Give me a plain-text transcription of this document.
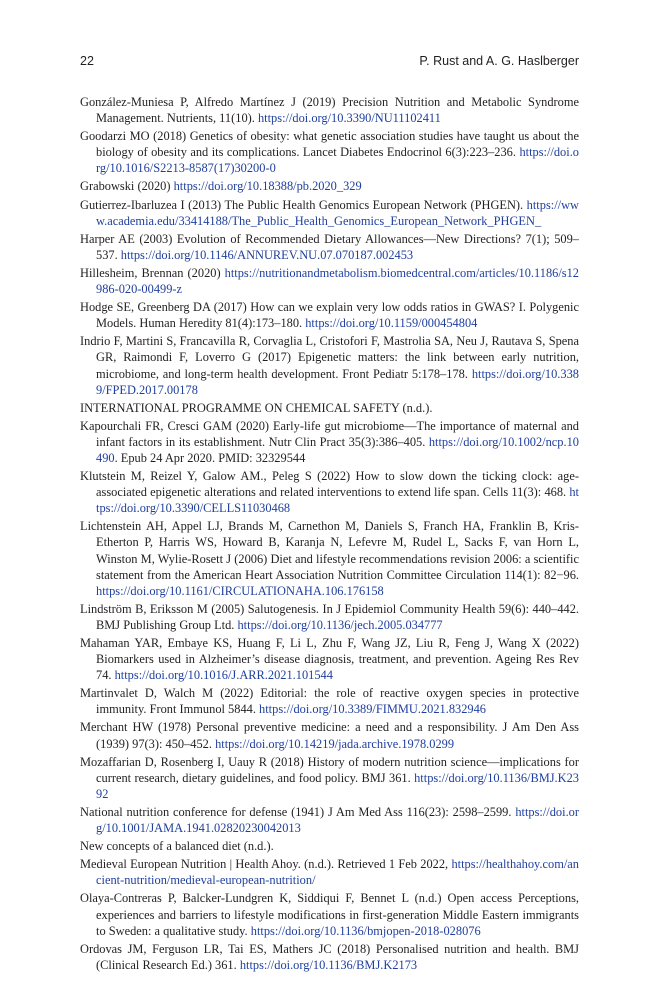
22	P. Rust and A. G. Haslberger
González-Muniesa P, Alfredo Martínez J (2019) Precision Nutrition and Metabolic Syndrome Management. Nutrients, 11(10). https://doi.org/10.3390/NU11102411
Goodarzi MO (2018) Genetics of obesity: what genetic association studies have taught us about the biology of obesity and its complications. Lancet Diabetes Endocrinol 6(3):223–236. https://doi.org/10.1016/S2213-8587(17)30200-0
Grabowski (2020) https://doi.org/10.18388/pb.2020_329
Gutierrez-Ibarluzea I (2013) The Public Health Genomics European Network (PHGEN). https://www.academia.edu/33414188/The_Public_Health_Genomics_European_Network_PHGEN_
Harper AE (2003) Evolution of Recommended Dietary Allowances—New Directions? 7(1); 509–537. https://doi.org/10.1146/ANNUREV.NU.07.070187.002453
Hillesheim, Brennan (2020) https://nutritionandmetabolism.biomedcentral.com/articles/10.1186/s12986-020-00499-z
Hodge SE, Greenberg DA (2017) How can we explain very low odds ratios in GWAS? I. Polygenic Models. Human Heredity 81(4):173–180. https://doi.org/10.1159/000454804
Indrio F, Martini S, Francavilla R, Corvaglia L, Cristofori F, Mastrolia SA, Neu J, Rautava S, Spena GR, Raimondi F, Loverro G (2017) Epigenetic matters: the link between early nutrition, microbiome, and long-term health development. Front Pediatr 5:178–178. https://doi.org/10.3389/FPED.2017.00178
INTERNATIONAL PROGRAMME ON CHEMICAL SAFETY (n.d.).
Kapourchali FR, Cresci GAM (2020) Early-life gut microbiome—The importance of maternal and infant factors in its establishment. Nutr Clin Pract 35(3):386–405. https://doi.org/10.1002/ncp.10490. Epub 24 Apr 2020. PMID: 32329544
Klutstein M, Reizel Y, Galow AM., Peleg S (2022) How to slow down the ticking clock: age-associated epigenetic alterations and related interventions to extend life span. Cells 11(3): 468. https://doi.org/10.3390/CELLS11030468
Lichtenstein AH, Appel LJ, Brands M, Carnethon M, Daniels S, Franch HA, Franklin B, Kris-Etherton P, Harris WS, Howard B, Karanja N, Lefevre M, Rudel L, Sacks F, van Horn L, Winston M, Wylie-Rosett J (2006) Diet and lifestyle recommendations revision 2006: a scientific statement from the American Heart Association Nutrition Committee Circulation 114(1): 82−96. https://doi.org/10.1161/CIRCULATIONAHA.106.176158
Lindström B, Eriksson M (2005) Salutogenesis. In J Epidemiol Community Health 59(6): 440–442. BMJ Publishing Group Ltd. https://doi.org/10.1136/jech.2005.034777
Mahaman YAR, Embaye KS, Huang F, Li L, Zhu F, Wang JZ, Liu R, Feng J, Wang X (2022) Biomarkers used in Alzheimer’s disease diagnosis, treatment, and prevention. Ageing Res Rev 74. https://doi.org/10.1016/J.ARR.2021.101544
Martinvalet D, Walch M (2022) Editorial: the role of reactive oxygen species in protective immunity. Front Immunol 5844. https://doi.org/10.3389/FIMMU.2021.832946
Merchant HW (1978) Personal preventive medicine: a need and a responsibility. J Am Den Ass (1939) 97(3): 450–452. https://doi.org/10.14219/jada.archive.1978.0299
Mozaffarian D, Rosenberg I, Uauy R (2018) History of modern nutrition science—implications for current research, dietary guidelines, and food policy. BMJ 361. https://doi.org/10.1136/BMJ.K2392
National nutrition conference for defense (1941) J Am Med Ass 116(23): 2598–2599. https://doi.org/10.1001/JAMA.1941.02820230042013
New concepts of a balanced diet (n.d.).
Medieval European Nutrition | Health Ahoy. (n.d.). Retrieved 1 Feb 2022, https://healthahoy.com/ancient-nutrition/medieval-european-nutrition/
Olaya-Contreras P, Balcker-Lundgren K, Siddiqui F, Bennet L (n.d.) Open access Perceptions, experiences and barriers to lifestyle modifications in first-generation Middle Eastern immigrants to Sweden: a qualitative study. https://doi.org/10.1136/bmjopen-2018-028076
Ordovas JM, Ferguson LR, Tai ES, Mathers JC (2018) Personalised nutrition and health. BMJ (Clinical Research Ed.) 361. https://doi.org/10.1136/BMJ.K2173
